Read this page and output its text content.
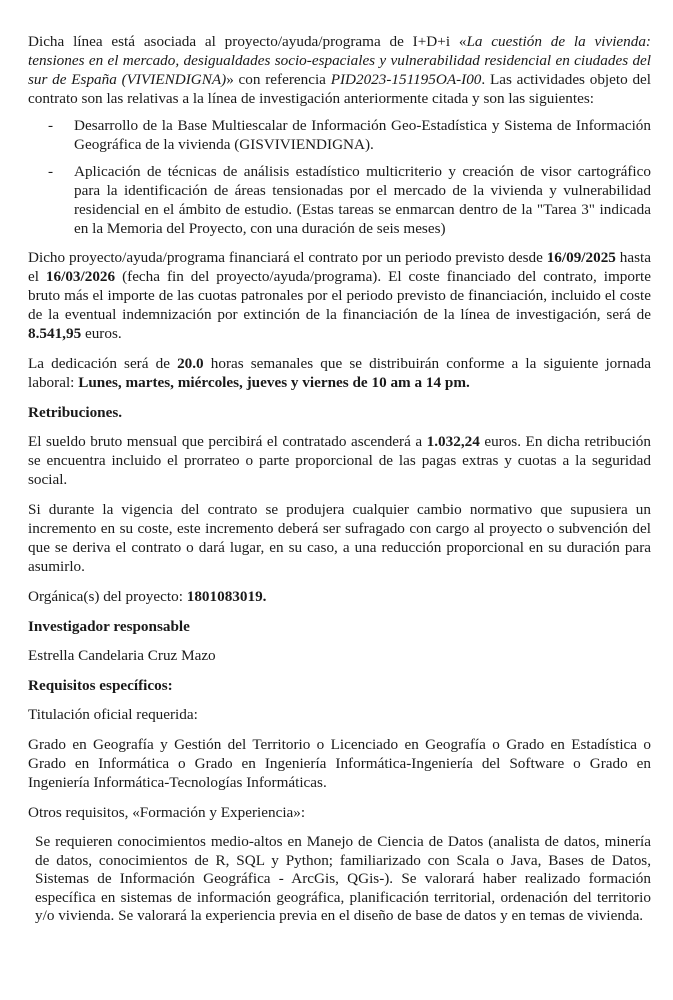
Dicha línea está asociada al proyecto/ayuda/programa de I+D+i «La cuestión de la vivienda: tensiones en el mercado, desigualdades socio-espaciales y vulnerabilidad residencial en ciudades del sur de España (VIVIENDIGNA)» con referencia PID2023-151195OA-I00. Las actividades objeto del contrato son las relativas a la línea de investigación anteriormente citada y son las siguientes:

- Desarrollo de la Base Multiescalar de Información Geo-Estadística y Sistema de Información Geográfica de la vivienda (GISVIVIENDIGNA).
- Aplicación de técnicas de análisis estadístico multicriterio y creación de visor cartográfico para la identificación de áreas tensionadas por el mercado de la vivienda y vulnerabilidad residencial en el ámbito de estudio. (Estas tareas se enmarcan dentro de la "Tarea 3" indicada en la Memoria del Proyecto, con una duración de seis meses)

Dicho proyecto/ayuda/programa financiará el contrato por un periodo previsto desde 16/09/2025 hasta el 16/03/2026 (fecha fin del proyecto/ayuda/programa). El coste financiado del contrato, importe bruto más el importe de las cuotas patronales por el periodo previsto de financiación, incluido el coste de la eventual indemnización por extinción de la financiación de la línea de investigación, será de 8.541,95 euros.

La dedicación será de 20.0 horas semanales que se distribuirán conforme a la siguiente jornada laboral: Lunes, martes, miércoles, jueves y viernes de 10 am a 14 pm.

Retribuciones.

El sueldo bruto mensual que percibirá el contratado ascenderá a 1.032,24 euros. En dicha retribución se encuentra incluido el prorrateo o parte proporcional de las pagas extras y cuotas a la seguridad social.

Si durante la vigencia del contrato se produjera cualquier cambio normativo que supusiera un incremento en su coste, este incremento deberá ser sufragado con cargo al proyecto o subvención del que se deriva el contrato o dará lugar, en su caso, a una reducción proporcional en su duración para asumirlo.

Orgánica(s) del proyecto: 1801083019.

Investigador responsable

Estrella Candelaria Cruz Mazo

Requisitos específicos:

Titulación oficial requerida:

Grado en Geografía y Gestión del Territorio o Licenciado en Geografía o Grado en Estadística o Grado en Informática o Grado en Ingeniería Informática-Ingeniería del Software o Grado en Ingeniería Informática-Tecnologías Informáticas.

Otros requisitos, «Formación y Experiencia»:

Se requieren conocimientos medio-altos en Manejo de Ciencia de Datos (analista de datos, minería de datos, conocimientos de R, SQL y Python; familiarizado con Scala o Java, Bases de Datos, Sistemas de Información Geográfica - ArcGis, QGis-). Se valorará haber realizado formación específica en sistemas de información geográfica, planificación territorial, ordenación del territorio y/o vivienda. Se valorará la experiencia previa en el diseño de base de datos y en temas de vivienda.
